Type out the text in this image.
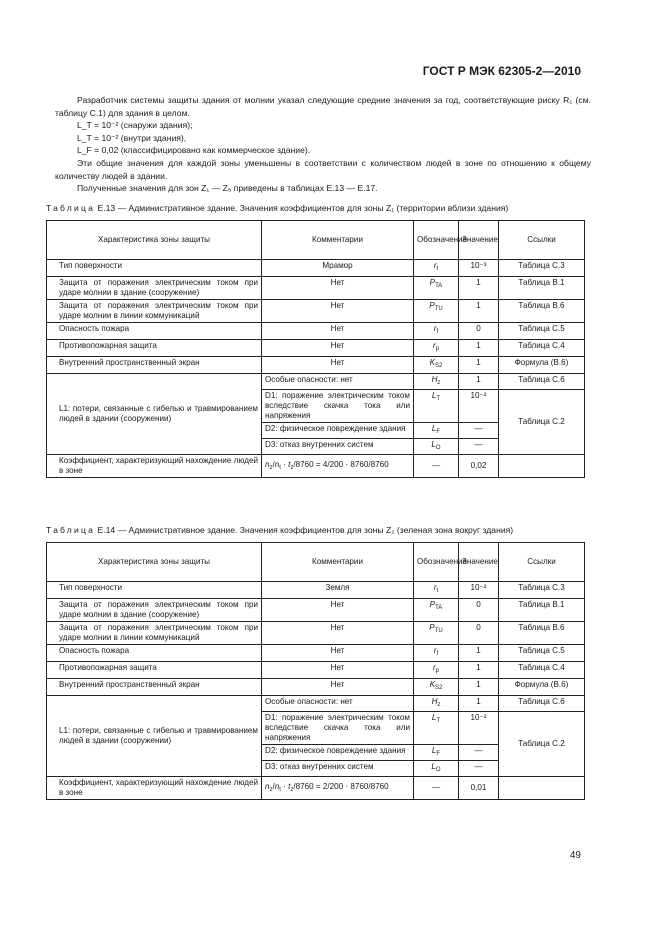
ГОСТ Р МЭК 62305-2—2010

Разработчик системы защиты здания от молнии указал следующие средние значения за год, соответствующие риску R₁ (см. таблицу С.1) для здания в целом.

L_T = 10⁻² (снаружи здания);

L_T = 10⁻² (внутри здания),

L_F = 0,02 (классифицировано как коммерческое здание).

Эти общие значения для каждой зоны уменьшены в соответствии с количеством людей в зоне по отношению к общему количеству людей в здании.

Полученные значения для зон Z₁ — Z₅ приведены в таблицах Е.13 — Е.17.

Таблица Е.13 — Административное здание. Значения коэффициентов для зоны Z₁ (территории вблизи здания)
Характеристика зоны защиты	Комментарии	Обозначение	Значение	Ссылки
Тип поверхности	Мрамор	$r_t$	10⁻³	Таблица С.3
Защита от поражения электрическим током при ударе молнии в здание (сооружение)	Нет	$P_{TA}$	1	Таблица В.1
Защита от поражения электрическим током при ударе молнии в линии коммуникаций	Нет	$P_{TU}$	1	Таблица В.6
Опасность пожара	Нет	$r_f$	0	Таблица С.5
Противопожарная защита	Нет	$r_p$	1	Таблица С.4
Внутренний пространственный экран	Нет	$K_{S2}$	1	Формула (В.6)
L1: потери, связанные с гибелью и травмированием людей в здании (сооружении)	Особые опасности: нет	$H_z$	1	Таблица С.6
	D1: поражение электрическим током вследствие скачка тока или напряжения	$L_T$	10⁻²	Таблица С.2
	D2: физическое повреждение здания	$L_F$	—	
	D3: отказ внутренних систем	$L_O$	—	
Коэффициент, характеризующий нахождение людей в зоне	$n_z/n_t \cdot t_z/8760 = 4/200 \cdot 8760/8760$	—	0,02	
Таблица Е.14 — Административное здание. Значения коэффициентов для зоны Z₂ (зеленая зона вокруг здания)
Характеристика зоны защиты	Комментарии	Обозначение	Значение	Ссылки
Тип поверхности	Земля	$r_t$	10⁻²	Таблица С.3
Защита от поражения электрическим током при ударе молнии в здание (сооружение)	Нет	$P_{TA}$	0	Таблица В.1
Защита от поражения электрическим током при ударе молнии в линии коммуникаций	Нет	$P_{TU}$	0	Таблица В.6
Опасность пожара	Нет	$r_f$	1	Таблица С.5
Противопожарная защита	Нет	$r_p$	1	Таблица С.4
Внутренний пространственный экран	Нет	$K_{S2}$	1	Формула (В.6)
L1: потери, связанные с гибелью и травмированием людей в здании (сооружении)	Особые опасности: нет	$H_z$	1	Таблица С.6
	D1: поражение электрическим током вследствие скачка тока или напряжения	$L_T$	10⁻²	Таблица С.2
	D2: физическое повреждение здания	$L_F$	—	
	D3: отказ внутренних систем	$L_O$	—	
Коэффициент, характеризующий нахождение людей в зоне	$n_z/n_t \cdot t_z/8760 = 2/200 \cdot 8760/8760$	—	0,01	
49
